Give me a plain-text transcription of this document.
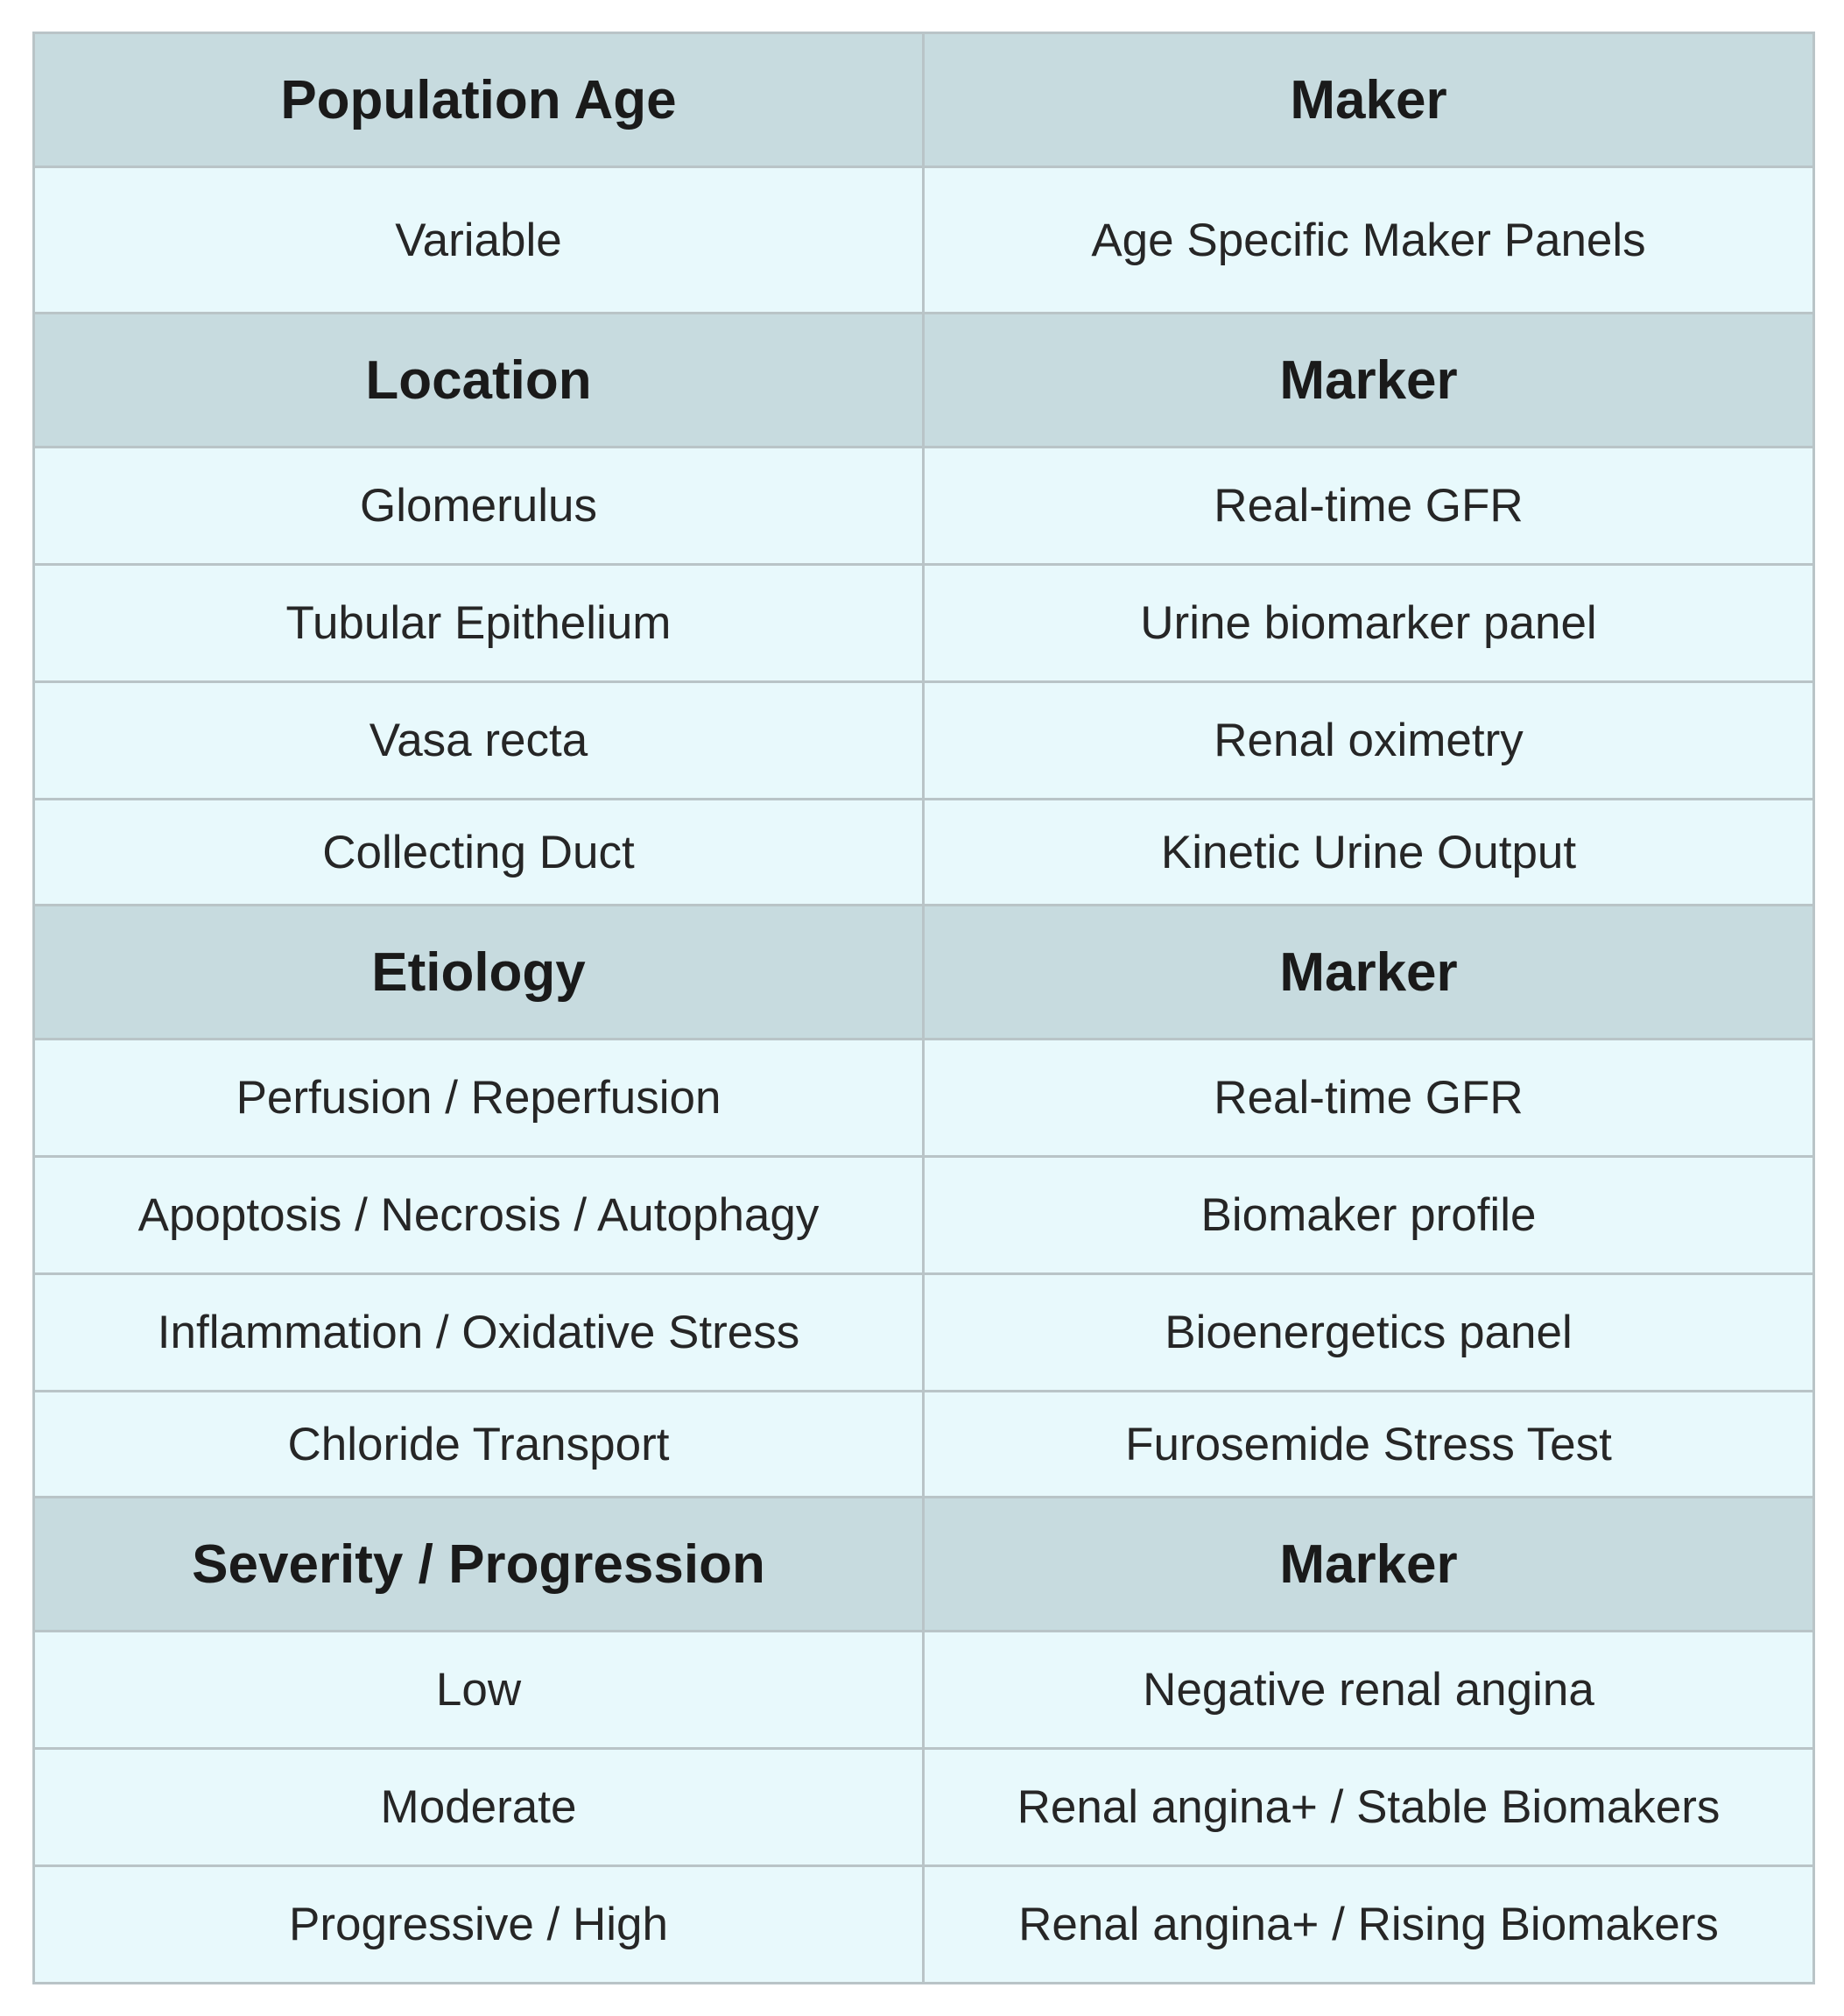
Population Age	Maker
Variable	Age Specific Maker Panels
Location	Marker
Glomerulus	Real-time GFR
Tubular Epithelium	Urine biomarker panel
Vasa recta	Renal oximetry
Collecting Duct	Kinetic Urine Output
Etiology	Marker
Perfusion / Reperfusion	Real-time GFR
Apoptosis / Necrosis / Autophagy	Biomaker profile
Inflammation / Oxidative Stress	Bioenergetics panel
Chloride Transport	Furosemide Stress Test
Severity / Progression	Marker
Low	Negative renal angina
Moderate	Renal angina+ / Stable Biomakers
Progressive / High	Renal angina+ / Rising Biomakers
